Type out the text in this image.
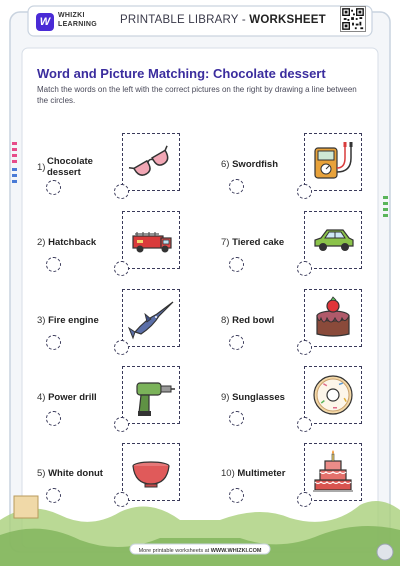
W
WHIZKI
LEARNING PRINTABLE LIBRARY - WORKSHEET
Word and Picture Matching: Chocolate dessert
Match the words on the left with the correct pictures on the right by drawing a line between the circles.
1)
Chocolate dessert
2) Hatchback
3) Fire engine
4) Power drill
5) White donut
6) Swordfish
7) Tiered cake
8) Red bowl
9) Sunglasses
10) Multimeter
More printable worksheets at WWW.WHIZKI.COM
